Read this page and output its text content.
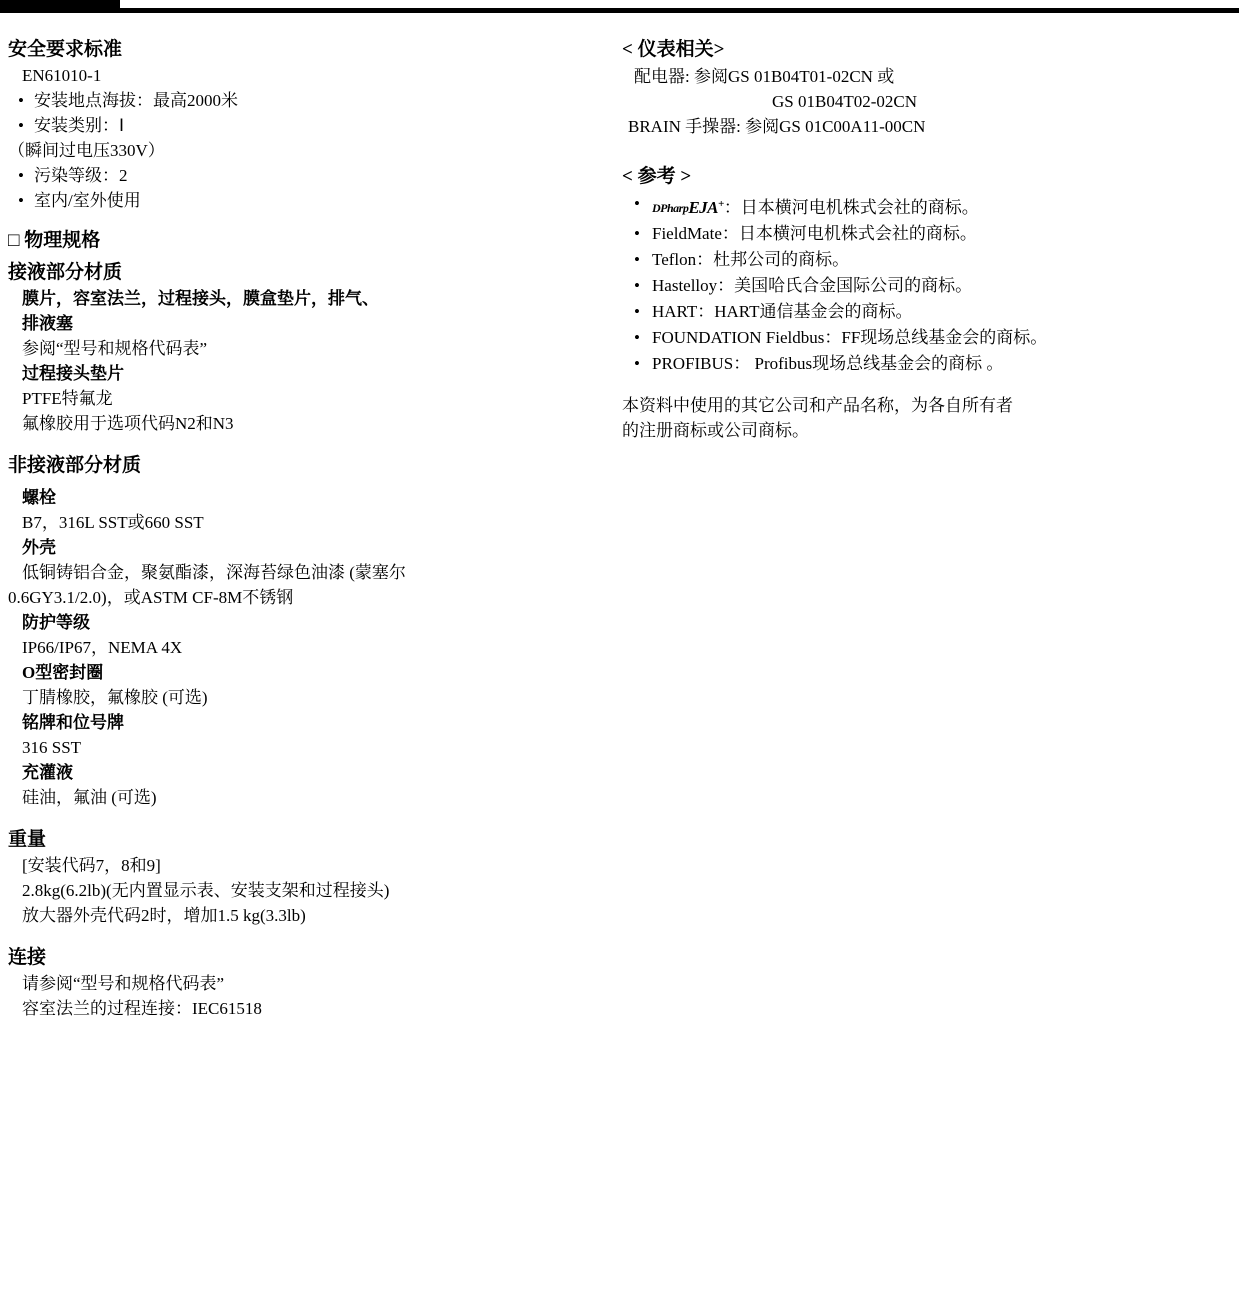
安全要求标准

EN61010-1

• 安装地点海拔：最高2000米

• 安装类别：Ⅰ

（瞬间过电压330V）

• 污染等级：2

• 室内/室外使用

□ 物理规格

接液部分材质

膜片，容室法兰，过程接头，膜盒垫片，排气、

排液塞

参阅“型号和规格代码表”

过程接头垫片

PTFE特氟龙

氟橡胶用于选项代码N2和N3

非接液部分材质

螺栓

B7，316L SST或660 SST

外壳

低铜铸铝合金，聚氨酯漆，深海苔绿色油漆 (蒙塞尔

0.6GY3.1/2.0)，或ASTM CF-8M不锈钢

防护等级

IP66/IP67，NEMA 4X

O型密封圈

丁腈橡胶，氟橡胶 (可选)

铭牌和位号牌

316 SST

充灌液

硅油，氟油 (可选)

重量

[安装代码7，8和9]

2.8kg(6.2lb)(无内置显示表、安装支架和过程接头)

放大器外壳代码2时，增加1.5 kg(3.3lb)

连接

请参阅“型号和规格代码表”

容室法兰的过程连接：IEC61518

< 仪表相关>

配电器: 参阅GS 01B04T01-02CN 或

GS 01B04T02-02CN

BRAIN 手操器: 参阅GS 01C00A11-00CN

< 参考 >

• DPharpEJA+：日本横河电机株式会社的商标。

• FieldMate：日本横河电机株式会社的商标。

• Teflon：杜邦公司的商标。

• Hastelloy：美国哈氏合金国际公司的商标。

• HART：HART通信基金会的商标。

• FOUNDATION Fieldbus：FF现场总线基金会的商标。

• PROFIBUS： Profibus现场总线基金会的商标 。

本资料中使用的其它公司和产品名称，为各自所有者

的注册商标或公司商标。
